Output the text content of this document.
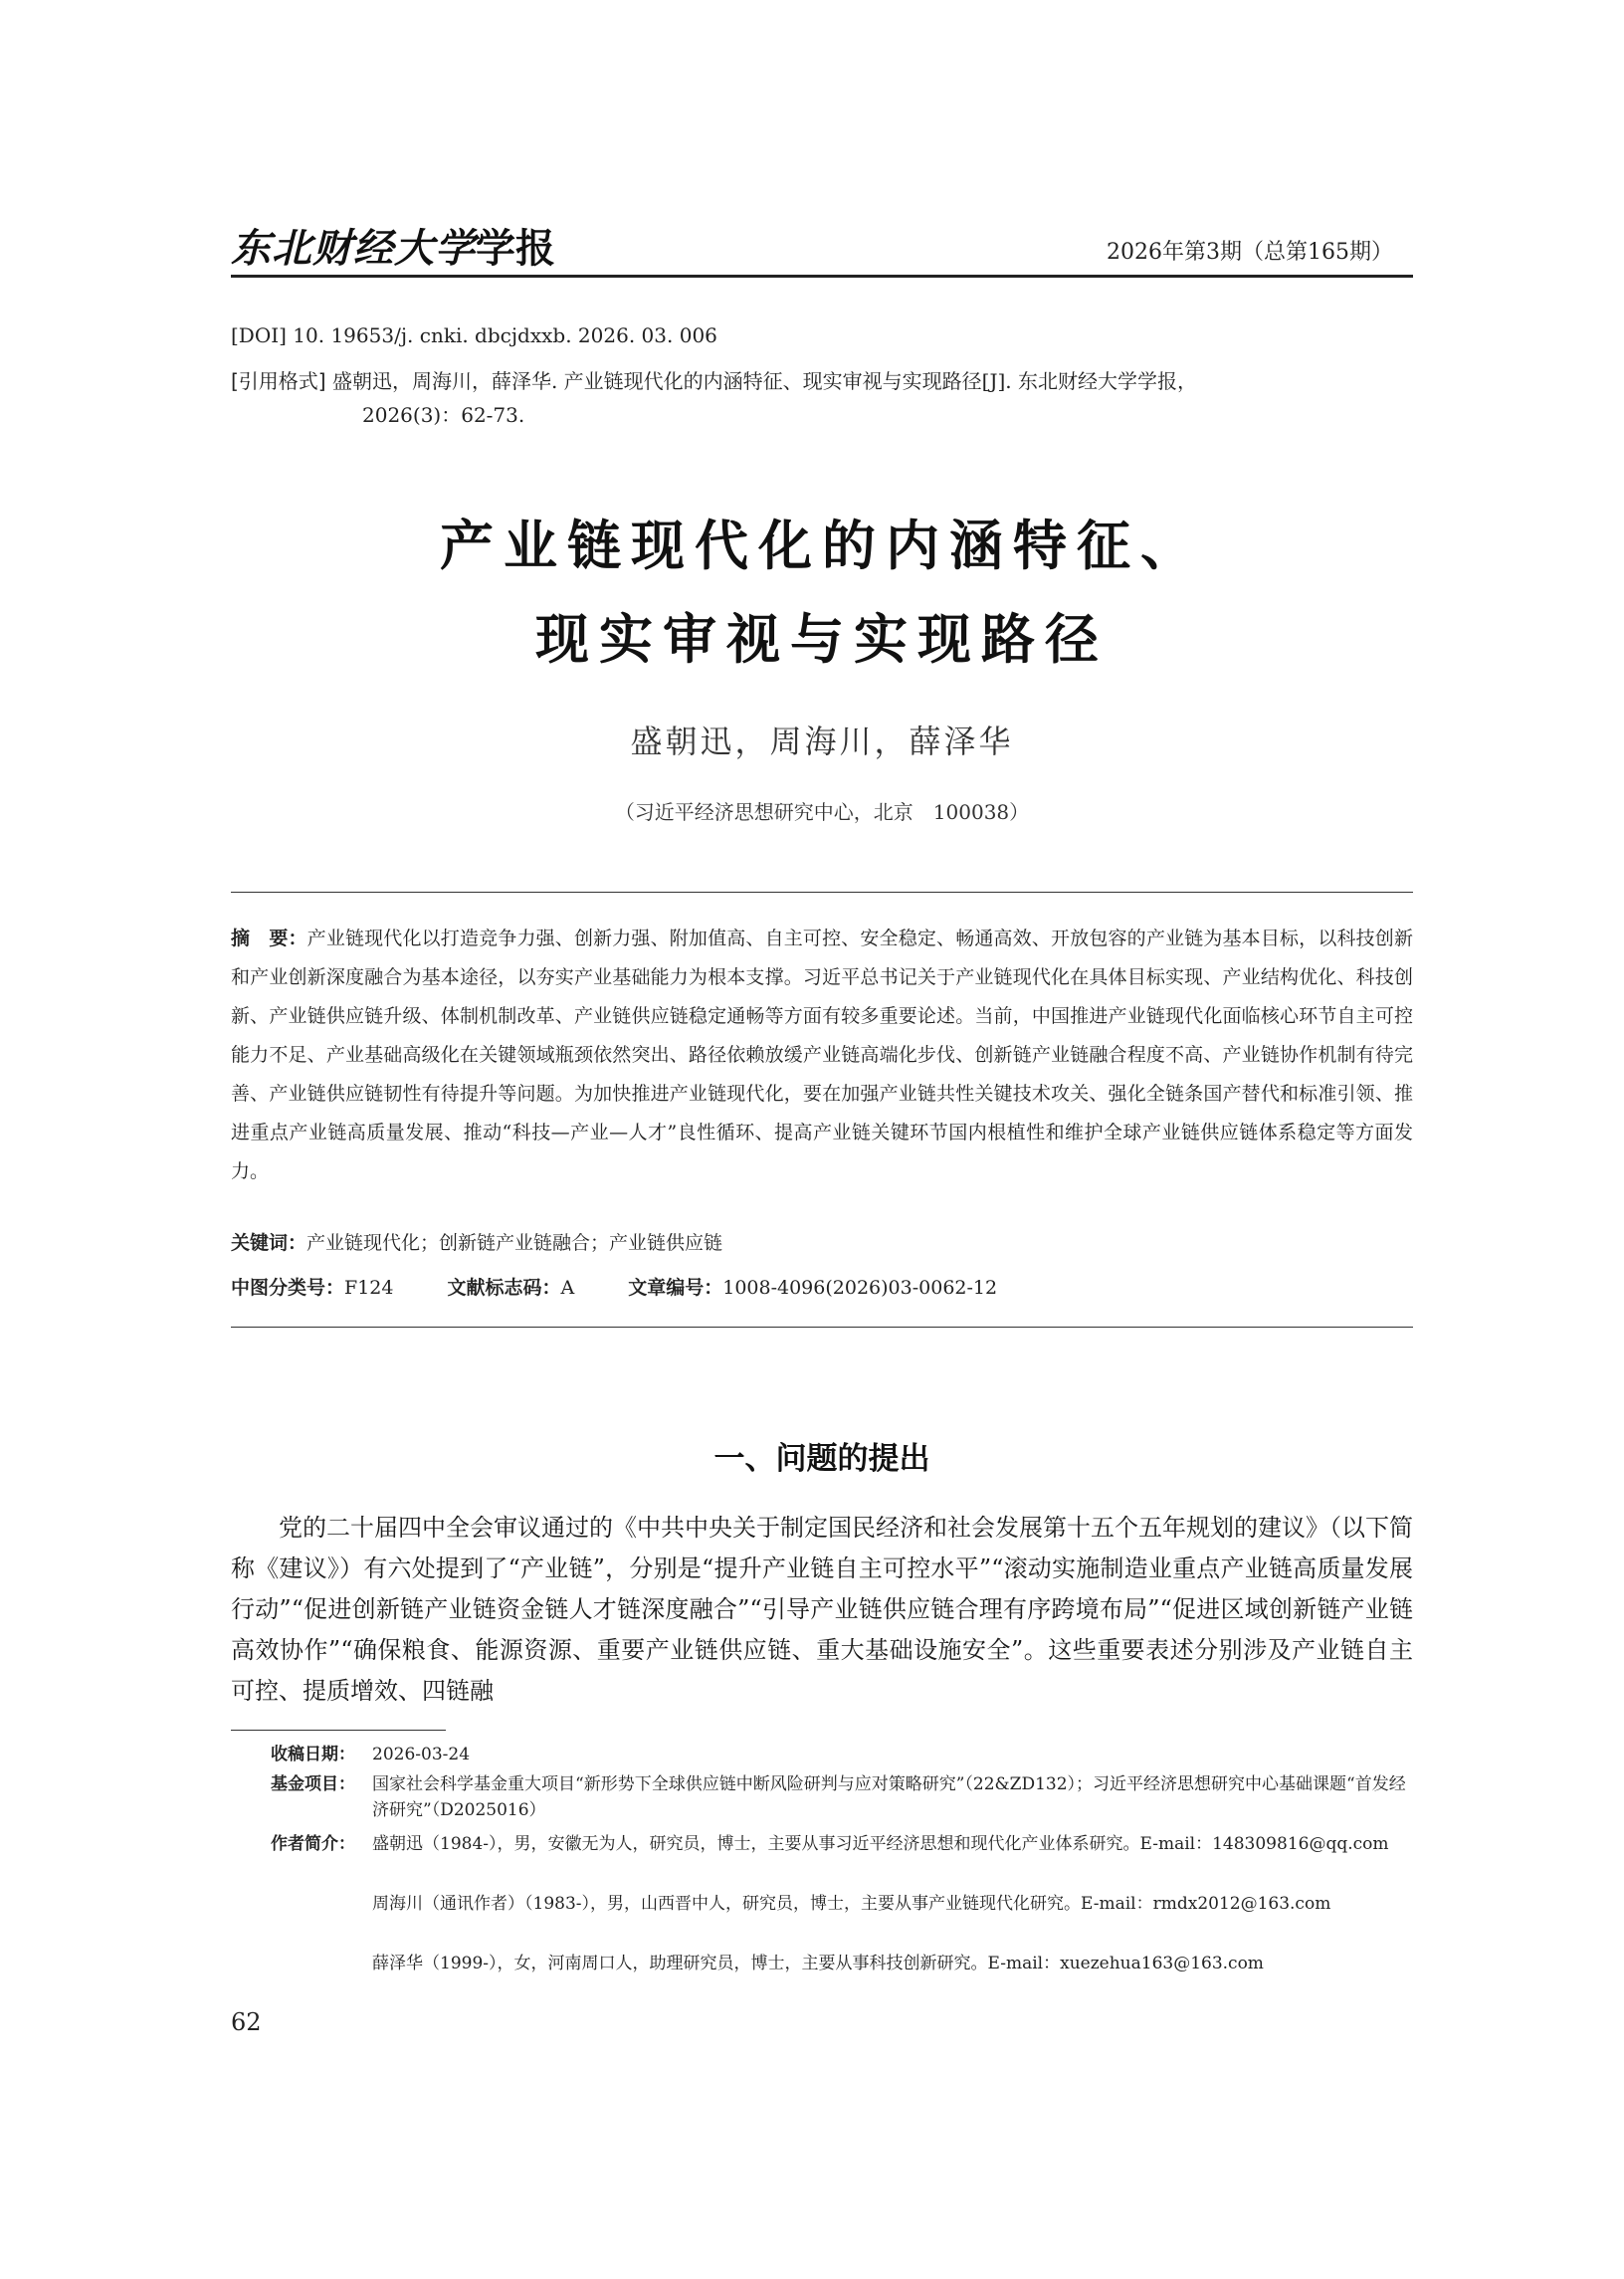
东北财经大学学报	2026年第3期（总第165期）
[DOI] 10. 19653/j. cnki. dbcjdxxb. 2026. 03. 006
[引用格式] 盛朝迅，周海川，薛泽华. 产业链现代化的内涵特征、现实审视与实现路径[J]. 东北财经大学学报，
2026(3)：62-73.
产业链现代化的内涵特征、
现实审视与实现路径
盛朝迅，周海川，薛泽华
（习近平经济思想研究中心，北京　100038）
摘　要：产业链现代化以打造竞争力强、创新力强、附加值高、自主可控、安全稳定、畅通高效、开放包容的产业链为基本目标，以科技创新和产业创新深度融合为基本途径，以夯实产业基础能力为根本支撑。习近平总书记关于产业链现代化在具体目标实现、产业结构优化、科技创新、产业链供应链升级、体制机制改革、产业链供应链稳定通畅等方面有较多重要论述。当前，中国推进产业链现代化面临核心环节自主可控能力不足、产业基础高级化在关键领域瓶颈依然突出、路径依赖放缓产业链高端化步伐、创新链产业链融合程度不高、产业链协作机制有待完善、产业链供应链韧性有待提升等问题。为加快推进产业链现代化，要在加强产业链共性关键技术攻关、强化全链条国产替代和标准引领、推进重点产业链高质量发展、推动“科技—产业—人才”良性循环、提高产业链关键环节国内根植性和维护全球产业链供应链体系稳定等方面发力。
关键词：产业链现代化；创新链产业链融合；产业链供应链
中图分类号：F124	文献标志码：A	文章编号：1008-4096(2026)03-0062-12
一、问题的提出
党的二十届四中全会审议通过的《中共中央关于制定国民经济和社会发展第十五个五年规划的建议》（以下简称《建议》）有六处提到了“产业链”，分别是“提升产业链自主可控水平”“滚动实施制造业重点产业链高质量发展行动”“促进创新链产业链资金链人才链深度融合”“引导产业链供应链合理有序跨境布局”“促进区域创新链产业链高效协作”“确保粮食、能源资源、重要产业链供应链、重大基础设施安全”。这些重要表述分别涉及产业链自主可控、提质增效、四链融
收稿日期：	2026-03-24
基金项目：	国家社会科学基金重大项目“新形势下全球供应链中断风险研判与应对策略研究”（22&ZD132）；习近平经济思想研究中心基础课题“首发经济研究”（D2025016）
作者简介：	盛朝迅（1984-），男，安徽无为人，研究员，博士，主要从事习近平经济思想和现代化产业体系研究。E-mail：148309816@qq.com
周海川（通讯作者）（1983-），男，山西晋中人，研究员，博士，主要从事产业链现代化研究。E-mail：rmdx2012@163.com
薛泽华（1999-），女，河南周口人，助理研究员，博士，主要从事科技创新研究。E-mail：xuezehua163@163.com
62
